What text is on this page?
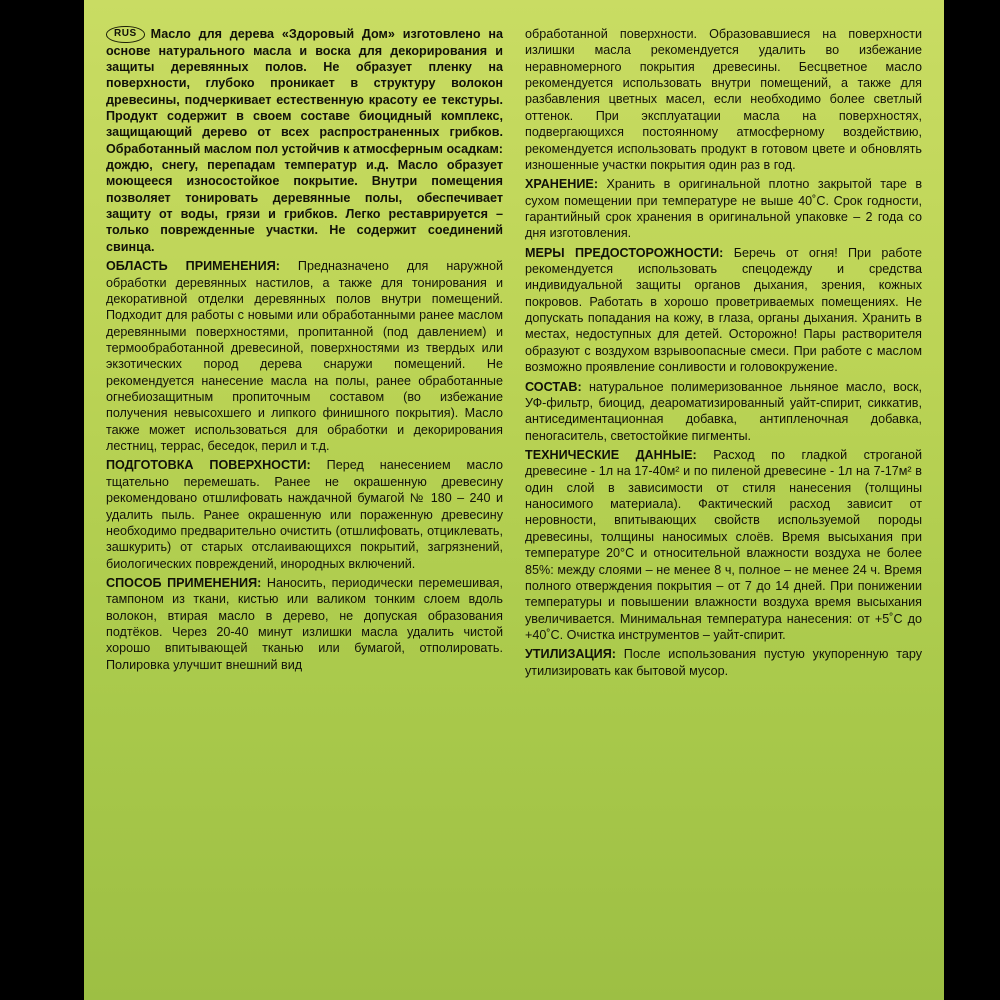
RUS Масло для дерева «Здоровый Дом» изготовлено на основе натурального масла и воска для декорирования и защиты деревянных полов. Не образует пленку на поверхности, глубоко проникает в структуру волокон древесины, подчеркивает естественную красоту ее текстуры. Продукт содержит в своем составе биоцидный комплекс, защищающий дерево от всех распространенных грибков. Обработанный маслом пол устойчив к атмосферным осадкам: дождю, снегу, перепадам температур и.д. Масло образует моющееся износостойкое покрытие. Внутри помещения позволяет тонировать деревянные полы, обеспечивает защиту от воды, грязи и грибков. Легко реставрируется – только поврежденные участки. Не содержит соединений свинца.

ОБЛАСТЬ ПРИМЕНЕНИЯ: Предназначено для наружной обработки деревянных настилов, а также для тонирования и декоративной отделки деревянных полов внутри помещений. Подходит для работы с новыми или обработанными ранее маслом деревянными поверхностями, пропитанной (под давлением) и термообработанной древесиной, поверхностями из твердых или экзотических пород дерева снаружи помещений. Не рекомендуется нанесение масла на полы, ранее обработанные огнебиозащитным пропиточным составом (во избежание получения невысохшего и липкого финишного покрытия). Масло также может использоваться для обработки и декорирования лестниц, террас, беседок, перил и т.д.

ПОДГОТОВКА ПОВЕРХНОСТИ: Перед нанесением масло тщательно перемешать. Ранее не окрашенную древесину рекомендовано отшлифовать наждачной бумагой № 180 – 240 и удалить пыль. Ранее окрашенную или пораженную древесину необходимо предварительно очистить (отшлифовать, отциклевать, зашкурить) от старых отслаивающихся покрытий, загрязнений, биологических повреждений, инородных включений.

СПОСОБ ПРИМЕНЕНИЯ: Наносить, периодически перемешивая, тампоном из ткани, кистью или валиком тонким слоем вдоль волокон, втирая масло в дерево, не допуская образования подтёков. Через 20-40 минут излишки масла удалить чистой хорошо впитывающей тканью или бумагой, отполировать. Полировка улучшит внешний вид

обработанной поверхности. Образовавшиеся на поверхности излишки масла рекомендуется удалить во избежание неравномерного покрытия древесины. Бесцветное масло рекомендуется использовать внутри помещений, а также для разбавления цветных масел, если необходимо более светлый оттенок. При эксплуатации масла на поверхностях, подвергающихся постоянному атмосферному воздействию, рекомендуется использовать продукт в готовом цвете и обновлять изношенные участки покрытия один раз в год.

ХРАНЕНИЕ: Хранить в оригинальной плотно закрытой таре в сухом помещении при температуре не выше 40˚С. Срок годности, гарантийный срок хранения в оригинальной упаковке – 2 года со дня изготовления.

МЕРЫ ПРЕДОСТОРОЖНОСТИ: Беречь от огня! При работе рекомендуется использовать спецодежду и средства индивидуальной защиты органов дыхания, зрения, кожных покровов. Работать в хорошо проветриваемых помещениях. Не допускать попадания на кожу, в глаза, органы дыхания. Хранить в местах, недоступных для детей. Осторожно! Пары растворителя образуют с воздухом взрывоопасные смеси. При работе с маслом возможно проявление сонливости и головокружение.

СОСТАВ: натуральное полимеризованное льняное масло, воск, УФ-фильтр, биоцид, деароматизированный уайт-спирит, сиккатив, антиседиментационная добавка, антипленочная добавка, пеногаситель, светостойкие пигменты.

ТЕХНИЧЕСКИЕ ДАННЫЕ: Расход по гладкой строганой древесине - 1л на 17-40м² и по пиленой древесине - 1л на 7-17м² в один слой в зависимости от стиля нанесения (толщины наносимого материала). Фактический расход зависит от неровности, впитывающих свойств используемой породы древесины, толщины наносимых слоёв. Время высыхания при температуре 20°С и относительной влажности воздуха не более 85%: между слоями – не менее 8 ч, полное – не менее 24 ч. Время полного отверждения покрытия – от 7 до 14 дней. При понижении температуры и повышении влажности воздуха время высыхания увеличивается. Минимальная температура нанесения: от +5˚С до +40˚С. Очистка инструментов – уайт-спирит.

УТИЛИЗАЦИЯ: После использования пустую укупоренную тару утилизировать как бытовой мусор.
